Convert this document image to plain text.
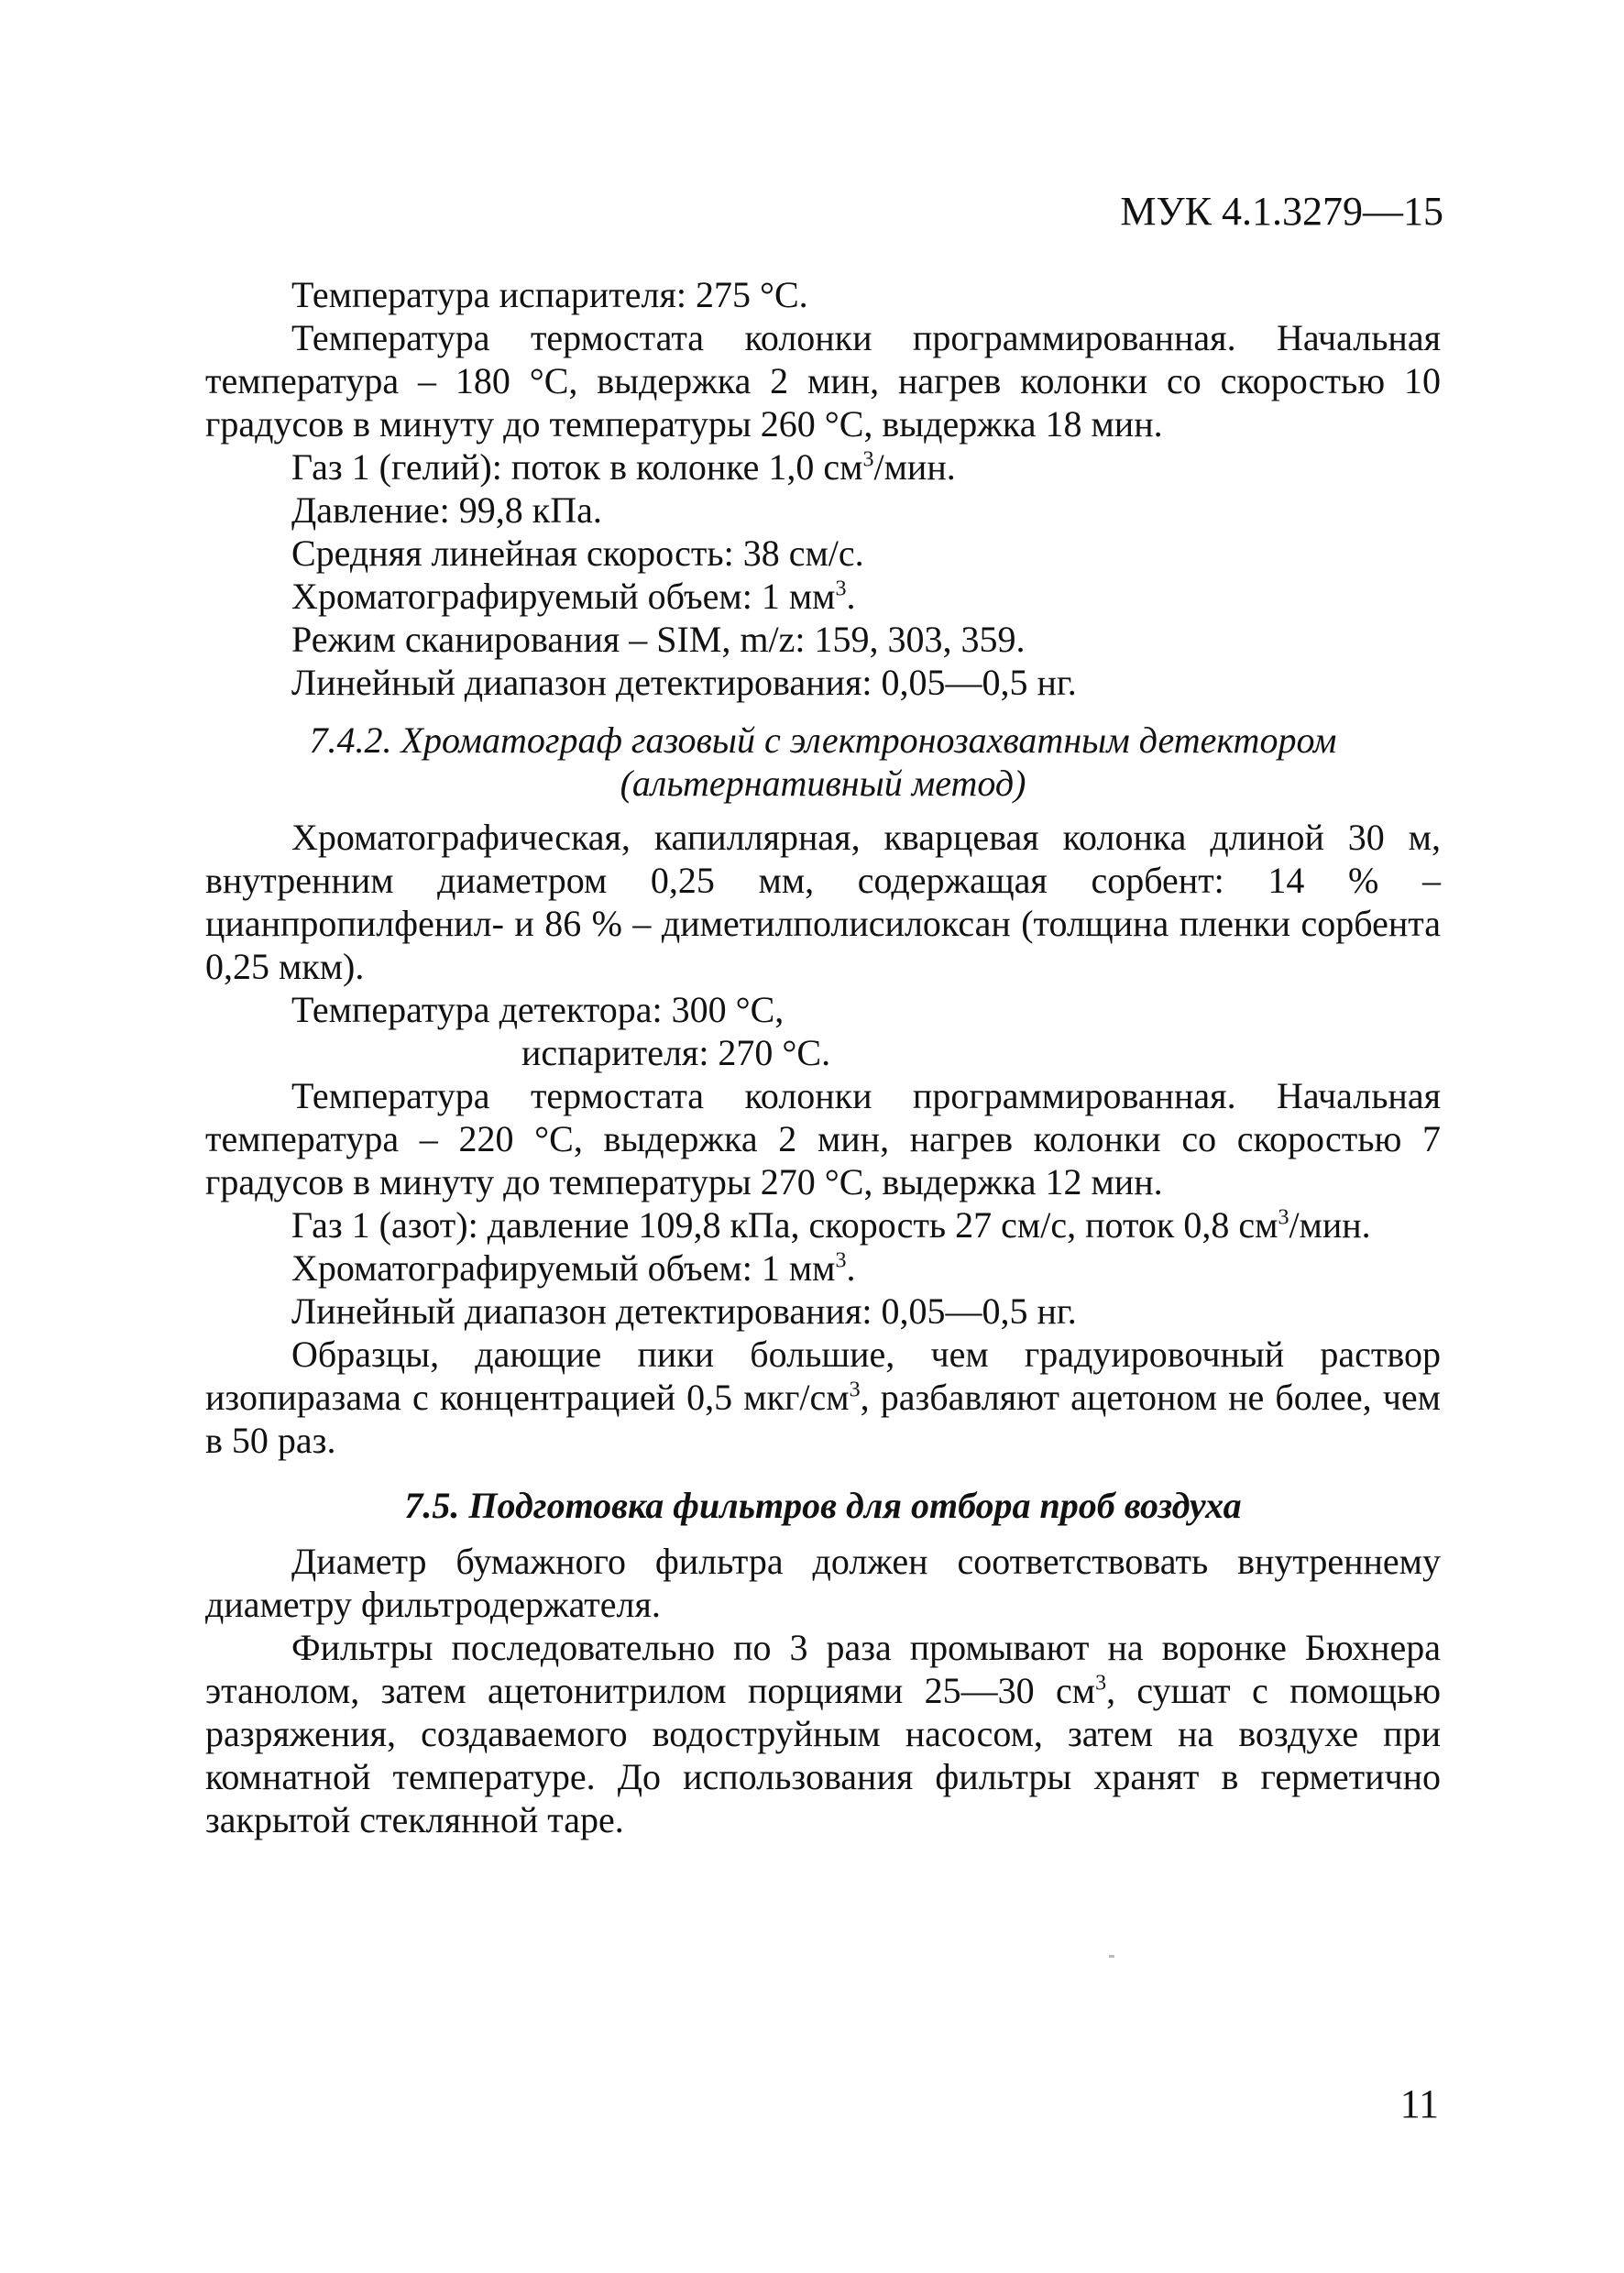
МУК 4.1.3279—15

Температура испарителя: 275 °С.

Температура термостата колонки программированная. Начальная температура – 180 °С, выдержка 2 мин, нагрев колонки со скоростью 10 градусов в минуту до температуры 260 °С, выдержка 18 мин.

Газ 1 (гелий): поток в колонке 1,0 $см^3$/мин.

Давление: 99,8 кПа.

Средняя линейная скорость: 38 см/с.

Хроматографируемый объем: 1 $мм^3$.

Режим сканирования – SIM, m/z: 159, 303, 359.

Линейный диапазон детектирования: 0,05—0,5 нг.

7.4.2. Хроматограф газовый с электронозахватным детектором
(альтернативный метод)

Хроматографическая, капиллярная, кварцевая колонка длиной 30 м, внутренним диаметром 0,25 мм, содержащая сорбент: 14 % – цианпропилфенил- и 86 % – диметилполисилоксан (толщина пленки сорбента 0,25 мкм).

Температура детектора: 300 °С,

испарителя: 270 °С.

Температура термостата колонки программированная. Начальная температура – 220 °С, выдержка 2 мин, нагрев колонки со скоростью 7 градусов в минуту до температуры 270 °С, выдержка 12 мин.

Газ 1 (азот): давление 109,8 кПа, скорость 27 см/с, поток 0,8 $см^3$/мин.

Хроматографируемый объем: 1 $мм^3$.

Линейный диапазон детектирования: 0,05—0,5 нг.

Образцы, дающие пики большие, чем градуировочный раствор изопиразама с концентрацией 0,5 мкг/$см^3$, разбавляют ацетоном не более, чем в 50 раз.

7.5. Подготовка фильтров для отбора проб воздуха

Диаметр бумажного фильтра должен соответствовать внутреннему диаметру фильтродержателя.

Фильтры последовательно по 3 раза промывают на воронке Бюхнера этанолом, затем ацетонитрилом порциями 25—30 $см^3$, сушат с помощью разряжения, создаваемого водоструйным насосом, затем на воздухе при комнатной температуре. До использования фильтры хранят в герметично закрытой стеклянной таре.

11
